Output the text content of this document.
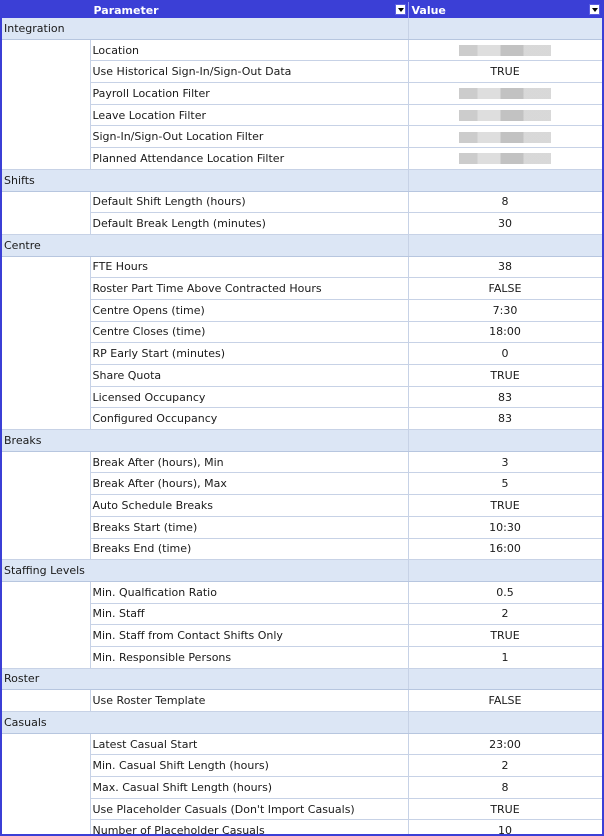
	Parameter	Value

Integration		
	Location	
	Use Historical Sign-In/Sign-Out Data	TRUE
	Payroll Location Filter	
	Leave Location Filter	
	Sign-In/Sign-Out Location Filter	
	Planned Attendance Location Filter	
Shifts		
	Default Shift Length (hours)	8
	Default Break Length (minutes)	30
Centre		
	FTE Hours	38
	Roster Part Time Above Contracted Hours	FALSE
	Centre Opens (time)	7:30
	Centre Closes (time)	18:00
	RP Early Start (minutes)	0
	Share Quota	TRUE
	Licensed Occupancy	83
	Configured Occupancy	83
Breaks		
	Break After (hours), Min	3
	Break After (hours), Max	5
	Auto Schedule Breaks	TRUE
	Breaks Start (time)	10:30
	Breaks End (time)	16:00
Staffing Levels		
	Min. Qualfication Ratio	0.5
	Min. Staff	2
	Min. Staff from Contact Shifts Only	TRUE
	Min. Responsible Persons	1
Roster		
	Use Roster Template	FALSE
Casuals		
	Latest Casual Start	23:00
	Min. Casual Shift Length (hours)	2
	Max. Casual Shift Length (hours)	8
	Use Placeholder Casuals (Don't Import Casuals)	TRUE
	Number of Placeholder Casuals	10
